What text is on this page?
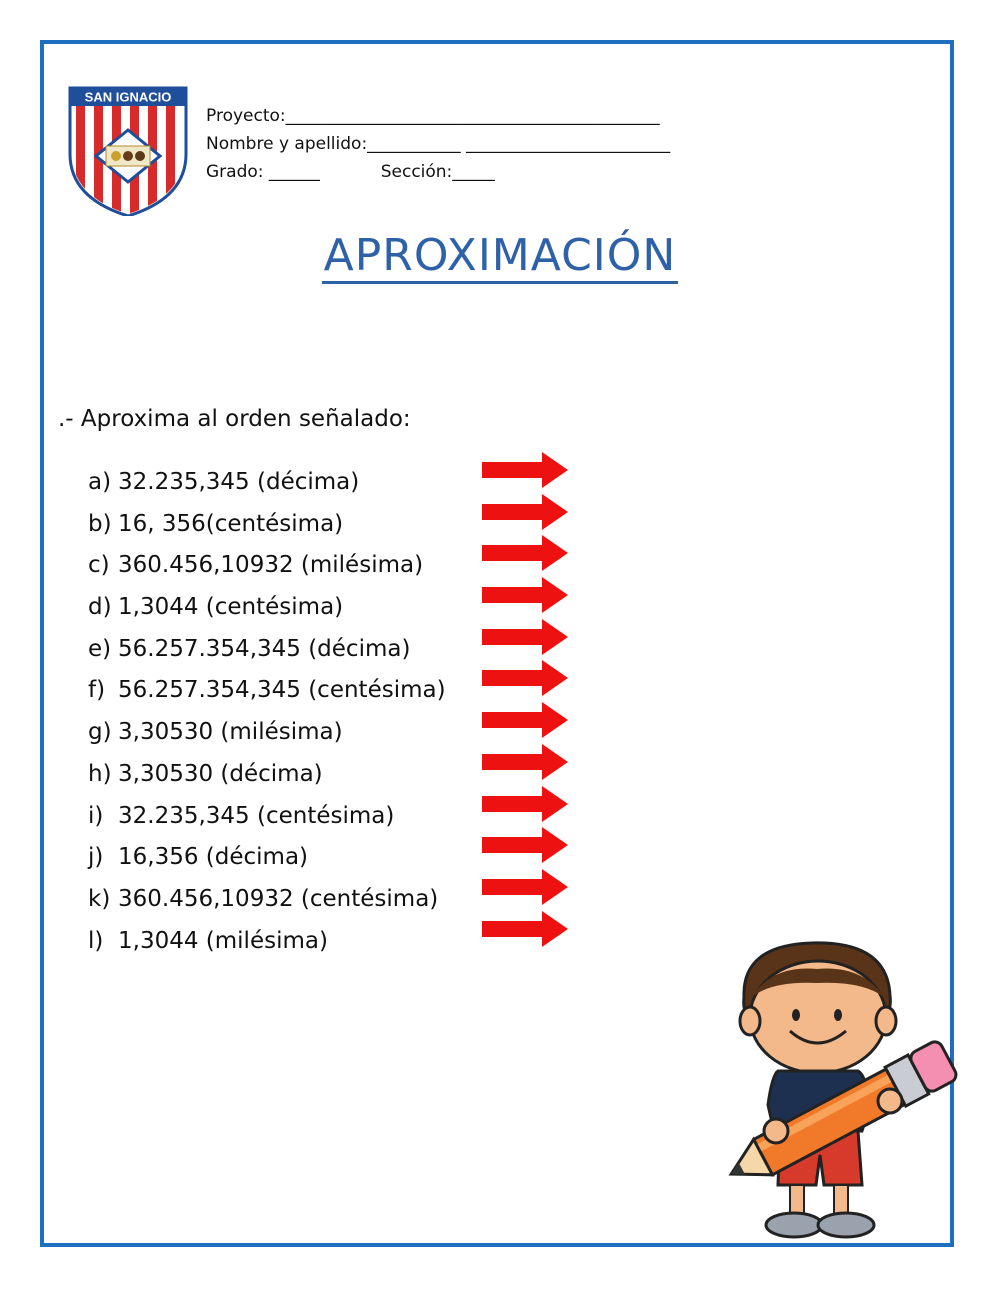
SAN IGNACIO
Proyecto:____________________________________________
Nombre y apellido:___________ ________________________
Grado: ______	Sección:_____
APROXIMACIÓN
.- Aproxima al orden señalado:
a) 32.235,345 (décima)
b) 16, 356(centésima)
c) 360.456,10932 (milésima)
d) 1,3044 (centésima)
e) 56.257.354,345 (décima)
f) 56.257.354,345 (centésima)
g) 3,30530 (milésima)
h) 3,30530 (décima)
i) 32.235,345 (centésima)
j) 16,356 (décima)
k) 360.456,10932 (centésima)
l) 1,3044 (milésima)
